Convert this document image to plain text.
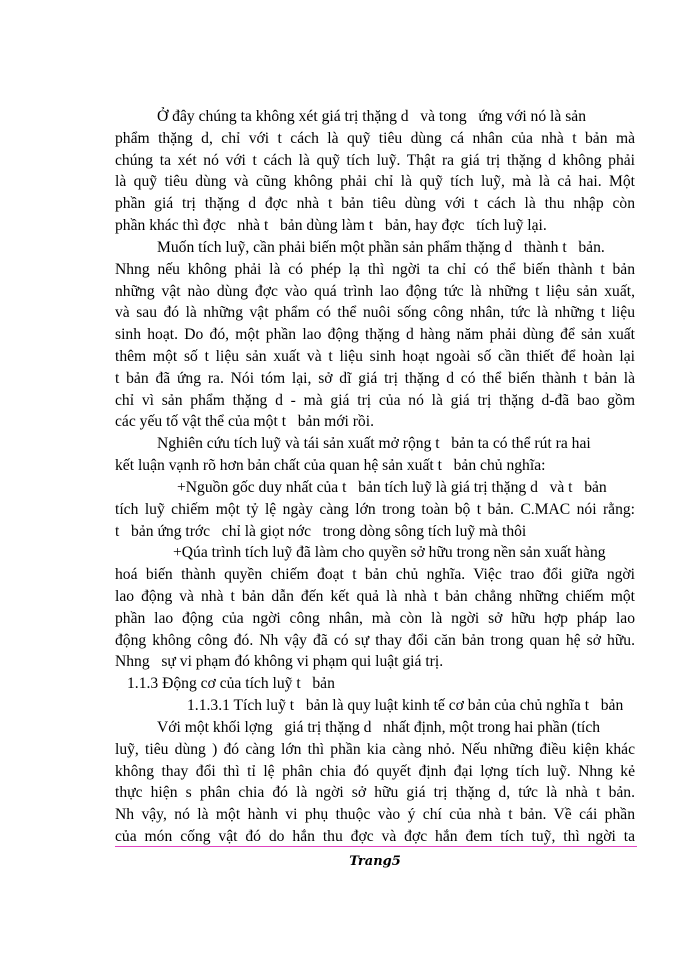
Ở đây chúng ta không xét giá trị thặng d   và tong   ứng với nó là sản
phẩm thặng d, chỉ với t cách là quỹ tiêu dùng cá nhân của nhà t bản mà
chúng ta xét nó với t cách là quỹ tích luỹ. Thật ra giá trị thặng d không phải
là quỹ tiêu dùng và cũng không phải chỉ là quỹ tích luỹ, mà là cả hai. Một
phần giá trị thặng d đợc nhà t bản tiêu dùng với t cách là thu nhập còn
phần khác thì đợc   nhà t   bản dùng làm t   bản, hay đợc   tích luỹ lại.
Muốn tích luỹ, cần phải biến một phần sản phẩm thặng d   thành t   bản.
Nhng nếu không phải là có phép lạ thì ngời ta chỉ có thể biến thành t bản
những vật nào dùng đợc vào quá trình lao động tức là những t liệu sản xuất,
và sau đó là những vật phẩm có thể nuôi sống công nhân, tức là những t liệu
sinh hoạt. Do đó, một phần lao động thặng d hàng năm phải dùng để sản xuất
thêm một số t liệu sản xuất và t liệu sinh hoạt ngoài số cần thiết để hoàn lại
t bản đã ứng ra. Nói tóm lại, sở dĩ giá trị thặng d có thể biến thành t bản là
chỉ vì sản phẩm thặng d - mà giá trị của nó là giá trị thặng d-đã bao gồm
các yếu tố vật thể của một t   bản mới rồi.
Nghiên cứu tích luỹ và tái sản xuất mở rộng t   bản ta có thể rút ra hai
kết luận vạnh rõ hơn bản chất của quan hệ sản xuất t   bản chủ nghĩa:
+Nguồn gốc duy nhất của t   bản tích luỹ là giá trị thặng d   và t   bản
tích luỹ chiếm một tỷ lệ ngày càng lớn trong toàn bộ t bản. C.MAC nói rằng:
t   bản ứng trớc   chỉ là giọt nớc   trong dòng sông tích luỹ mà thôi
+Qúa trình tích luỹ đã làm cho quyền sở hữu trong nền sản xuất hàng
hoá biến thành quyền chiếm đoạt t bản chủ nghĩa. Việc trao đổi giữa ngời
lao động và nhà t bản dẫn đến kết quả là nhà t bản chẳng những chiếm một
phần lao động của ngời công nhân, mà còn là ngời sở hữu hợp pháp lao
động không công đó. Nh vậy đã có sự thay đổi căn bản trong quan hệ sở hữu.
Nhng   sự vi phạm đó không vi phạm qui luật giá trị.
1.1.3 Động cơ của tích luỹ t   bản
1.1.3.1 Tích luỹ t   bản là quy luật kinh tế cơ bản của chủ nghĩa t   bản
Với một khối lợng   giá trị thặng d   nhất định, một trong hai phần (tích
luỹ, tiêu dùng ) đó càng lớn thì phần kia càng nhỏ. Nếu những điều kiện khác
không thay đổi thì tỉ lệ phân chia đó quyết định đại lợng tích luỹ. Nhng kẻ
thực hiện s phân chia đó là ngời sở hữu giá trị thặng d, tức là nhà t bản.
Nh vậy, nó là một hành vi phụ thuộc vào ý chí của nhà t bản. Về cái phần
của món cống vật đó do hắn thu đợc và đợc hắn đem tích tuỹ, thì ngời ta
Trang5
